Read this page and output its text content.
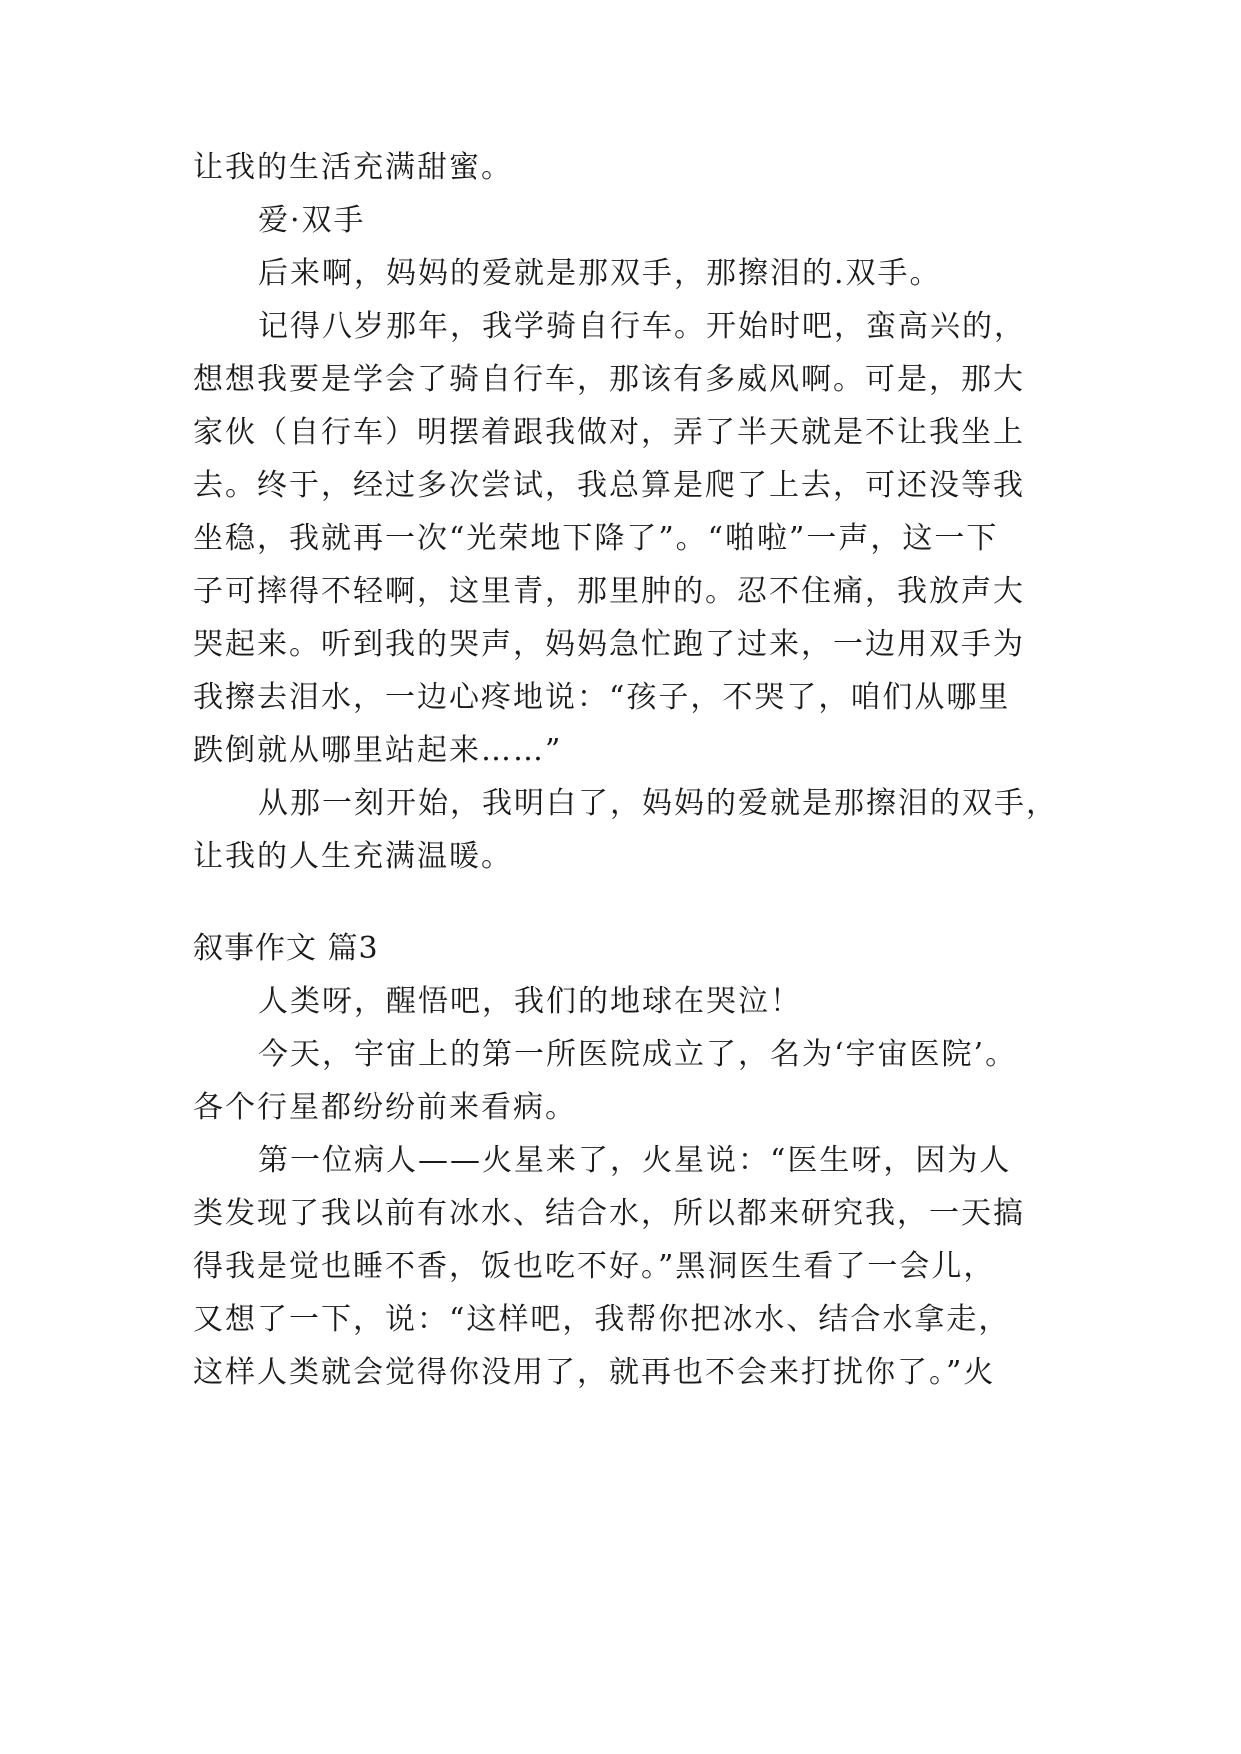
让我的生活充满甜蜜。
爱·双手
后来啊，妈妈的爱就是那双手，那擦泪的.双手。
记得八岁那年，我学骑自行车。开始时吧，蛮高兴的，
想想我要是学会了骑自行车，那该有多威风啊。可是，那大
家伙（自行车）明摆着跟我做对，弄了半天就是不让我坐上
去。终于，经过多次尝试，我总算是爬了上去，可还没等我
坐稳，我就再一次“光荣地下降了”。“啪啦”一声，这一下
子可摔得不轻啊，这里青，那里肿的。忍不住痛，我放声大
哭起来。听到我的哭声，妈妈急忙跑了过来，一边用双手为
我擦去泪水，一边心疼地说：“孩子，不哭了，咱们从哪里
跌倒就从哪里站起来……”
从那一刻开始，我明白了，妈妈的爱就是那擦泪的双手，
让我的人生充满温暖。
叙事作文 篇3
人类呀，醒悟吧，我们的地球在哭泣！
今天，宇宙上的第一所医院成立了，名为‘宇宙医院’。
各个行星都纷纷前来看病。
第一位病人——火星来了，火星说：“医生呀，因为人
类发现了我以前有冰水、结合水，所以都来研究我，一天搞
得我是觉也睡不香，饭也吃不好。”黑洞医生看了一会儿，
又想了一下，说：“这样吧，我帮你把冰水、结合水拿走，
这样人类就会觉得你没用了，就再也不会来打扰你了。”火
